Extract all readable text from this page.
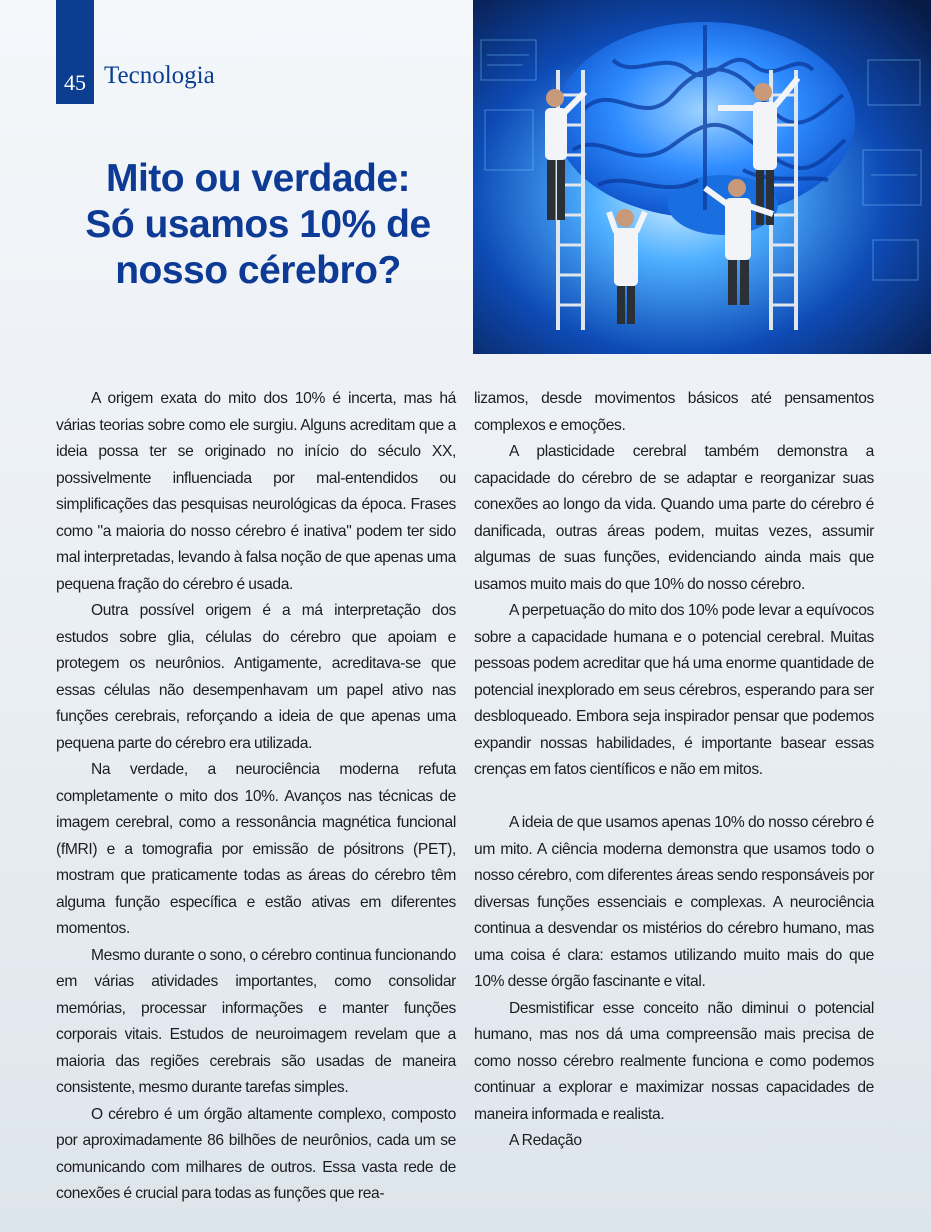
45 Tecnologia
Mito ou verdade:
Só usamos 10% de
nosso cérebro?

A origem exata do mito dos 10% é incerta, mas há várias teorias sobre como ele surgiu. Alguns acreditam que a ideia possa ter se originado no início do século XX, possivelmente influenciada por mal-entendidos ou simplificações das pesquisas neurológicas da época. Frases como "a maioria do nosso cérebro é inativa" podem ter sido mal interpretadas, levando à falsa noção de que apenas uma pequena fração do cérebro é usada.

Outra possível origem é a má interpretação dos estudos sobre glia, células do cérebro que apoiam e protegem os neurônios. Antigamente, acreditava-se que essas células não desempenhavam um papel ativo nas funções cerebrais, reforçando a ideia de que apenas uma pequena parte do cérebro era utilizada.

Na verdade, a neurociência moderna refuta completamente o mito dos 10%. Avanços nas técnicas de imagem cerebral, como a ressonância magnética funcional (fMRI) e a tomografia por emissão de pósitrons (PET), mostram que praticamente todas as áreas do cérebro têm alguma função específica e estão ativas em diferentes momentos.

Mesmo durante o sono, o cérebro continua funcionando em várias atividades importantes, como consolidar memórias, processar informações e manter funções corporais vitais. Estudos de neuroimagem revelam que a maioria das regiões cerebrais são usadas de maneira consistente, mesmo durante tarefas simples.

O cérebro é um órgão altamente complexo, composto por aproximadamente 86 bilhões de neurônios, cada um se comunicando com milhares de outros. Essa vasta rede de conexões é crucial para todas as funções que rea-

lizamos, desde movimentos básicos até pensamentos complexos e emoções.

A plasticidade cerebral também demonstra a capacidade do cérebro de se adaptar e reorganizar suas conexões ao longo da vida. Quando uma parte do cérebro é danificada, outras áreas podem, muitas vezes, assumir algumas de suas funções, evidenciando ainda mais que usamos muito mais do que 10% do nosso cérebro.

A perpetuação do mito dos 10% pode levar a equívocos sobre a capacidade humana e o potencial cerebral. Muitas pessoas podem acreditar que há uma enorme quantidade de potencial inexplorado em seus cérebros, esperando para ser desbloqueado. Embora seja inspirador pensar que podemos expandir nossas habilidades, é importante basear essas crenças em fatos científicos e não em mitos.

A ideia de que usamos apenas 10% do nosso cérebro é um mito. A ciência moderna demonstra que usamos todo o nosso cérebro, com diferentes áreas sendo responsáveis por diversas funções essenciais e complexas. A neurociência continua a desvendar os mistérios do cérebro humano, mas uma coisa é clara: estamos utilizando muito mais do que 10% desse órgão fascinante e vital.

Desmistificar esse conceito não diminui o potencial humano, mas nos dá uma compreensão mais precisa de como nosso cérebro realmente funciona e como podemos continuar a explorar e maximizar nossas capacidades de maneira informada e realista.

A Redação
